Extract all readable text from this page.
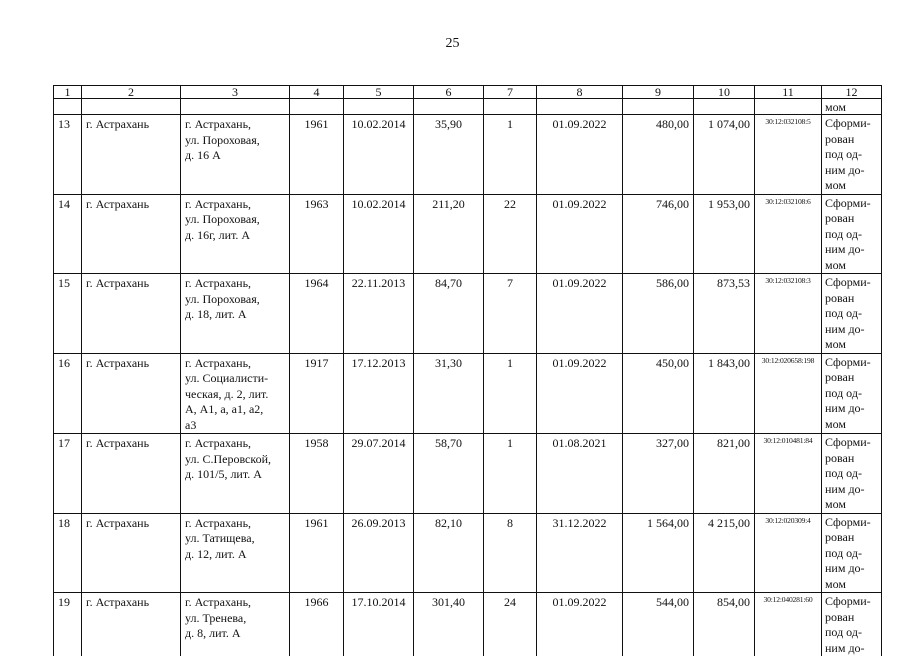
25
1	2	3	4	5	6	7	8	9	10	11	12
											мом
13	г. Астрахань	г. Астрахань,
ул. Пороховая,
д. 16 А	1961	10.02.2014	35,90	1	01.09.2022	480,00	1 074,00	30:12:032108:5	Сформи-
рован
под од-
ним до-
мом
14	г. Астрахань	г. Астрахань,
ул. Пороховая,
д. 16г, лит. А	1963	10.02.2014	211,20	22	01.09.2022	746,00	1 953,00	30:12:032108:6	Сформи-
рован
под од-
ним до-
мом
15	г. Астрахань	г. Астрахань,
ул. Пороховая,
д. 18, лит. А	1964	22.11.2013	84,70	7	01.09.2022	586,00	873,53	30:12:032108:3	Сформи-
рован
под од-
ним до-
мом
16	г. Астрахань	г. Астрахань,
ул. Социалисти-
ческая, д. 2, лит.
А, А1, а, а1, а2,
а3	1917	17.12.2013	31,30	1	01.09.2022	450,00	1 843,00	30:12:020658:198	Сформи-
рован
под од-
ним до-
мом
17	г. Астрахань	г. Астрахань,
ул. С.Перовской,
д. 101/5, лит. А	1958	29.07.2014	58,70	1	01.08.2021	327,00	821,00	30:12:010481:84	Сформи-
рован
под од-
ним до-
мом
18	г. Астрахань	г. Астрахань,
ул. Татищева,
д. 12, лит. А	1961	26.09.2013	82,10	8	31.12.2022	1 564,00	4 215,00	30:12:020309:4	Сформи-
рован
под од-
ним до-
мом
19	г. Астрахань	г. Астрахань,
ул. Тренева,
д. 8, лит. А	1966	17.10.2014	301,40	24	01.09.2022	544,00	854,00	30:12:040281:60	Сформи-
рован
под од-
ним до-
